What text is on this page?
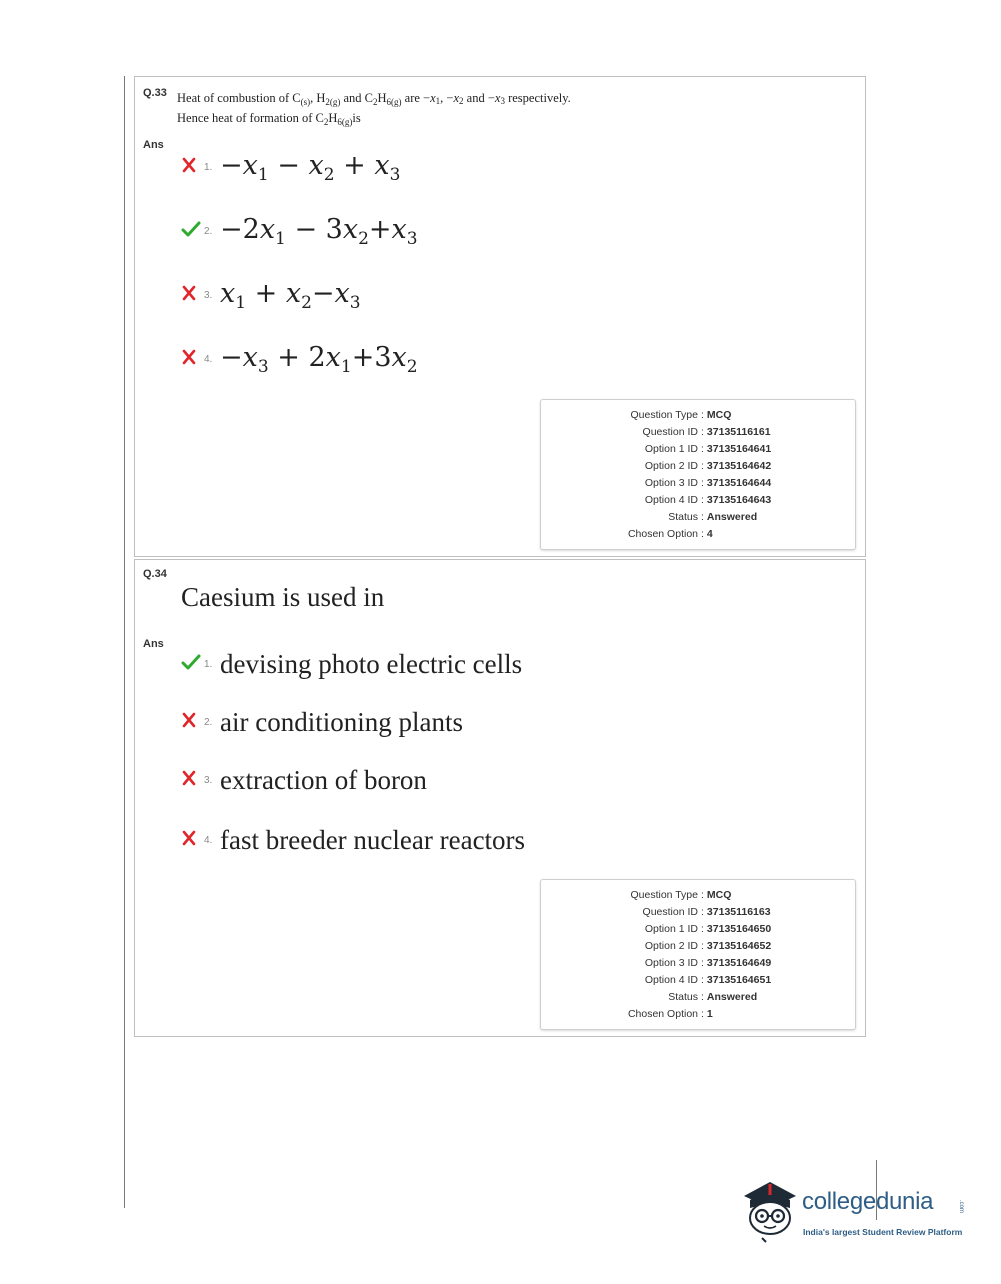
Q.33 Heat of combustion of $C_{(s)}$, $H_{2(g)}$ and $C_2H_{6(g)}$ are $-x_1$, $-x_2$ and $-x_3$ respectively.
Hence heat of formation of $C_2H_{6(g)}is$
Ans
1. $-x_1 - x_2 + x_3$
2. $-2x_1 - 3x_2+x_3$
3. $x_1 + x_2-x_3$
4. $-x_3 + 2x_1+3x_2$
Question Type : MCQ
Question ID : 37135116161
Option 1 ID : 37135164641
Option 2 ID : 37135164642
Option 3 ID : 37135164644
Option 4 ID : 37135164643
Status : Answered
Chosen Option : 4
Q.34
Caesium is used in
Ans
1. devising photo electric cells
2. air conditioning plants
3. extraction of boron
4. fast breeder nuclear reactors
Question Type : MCQ
Question ID : 37135116163
Option 1 ID : 37135164650
Option 2 ID : 37135164652
Option 3 ID : 37135164649
Option 4 ID : 37135164651
Status : Answered
Chosen Option : 1
collegedunia	.com
India's largest Student Review Platform
